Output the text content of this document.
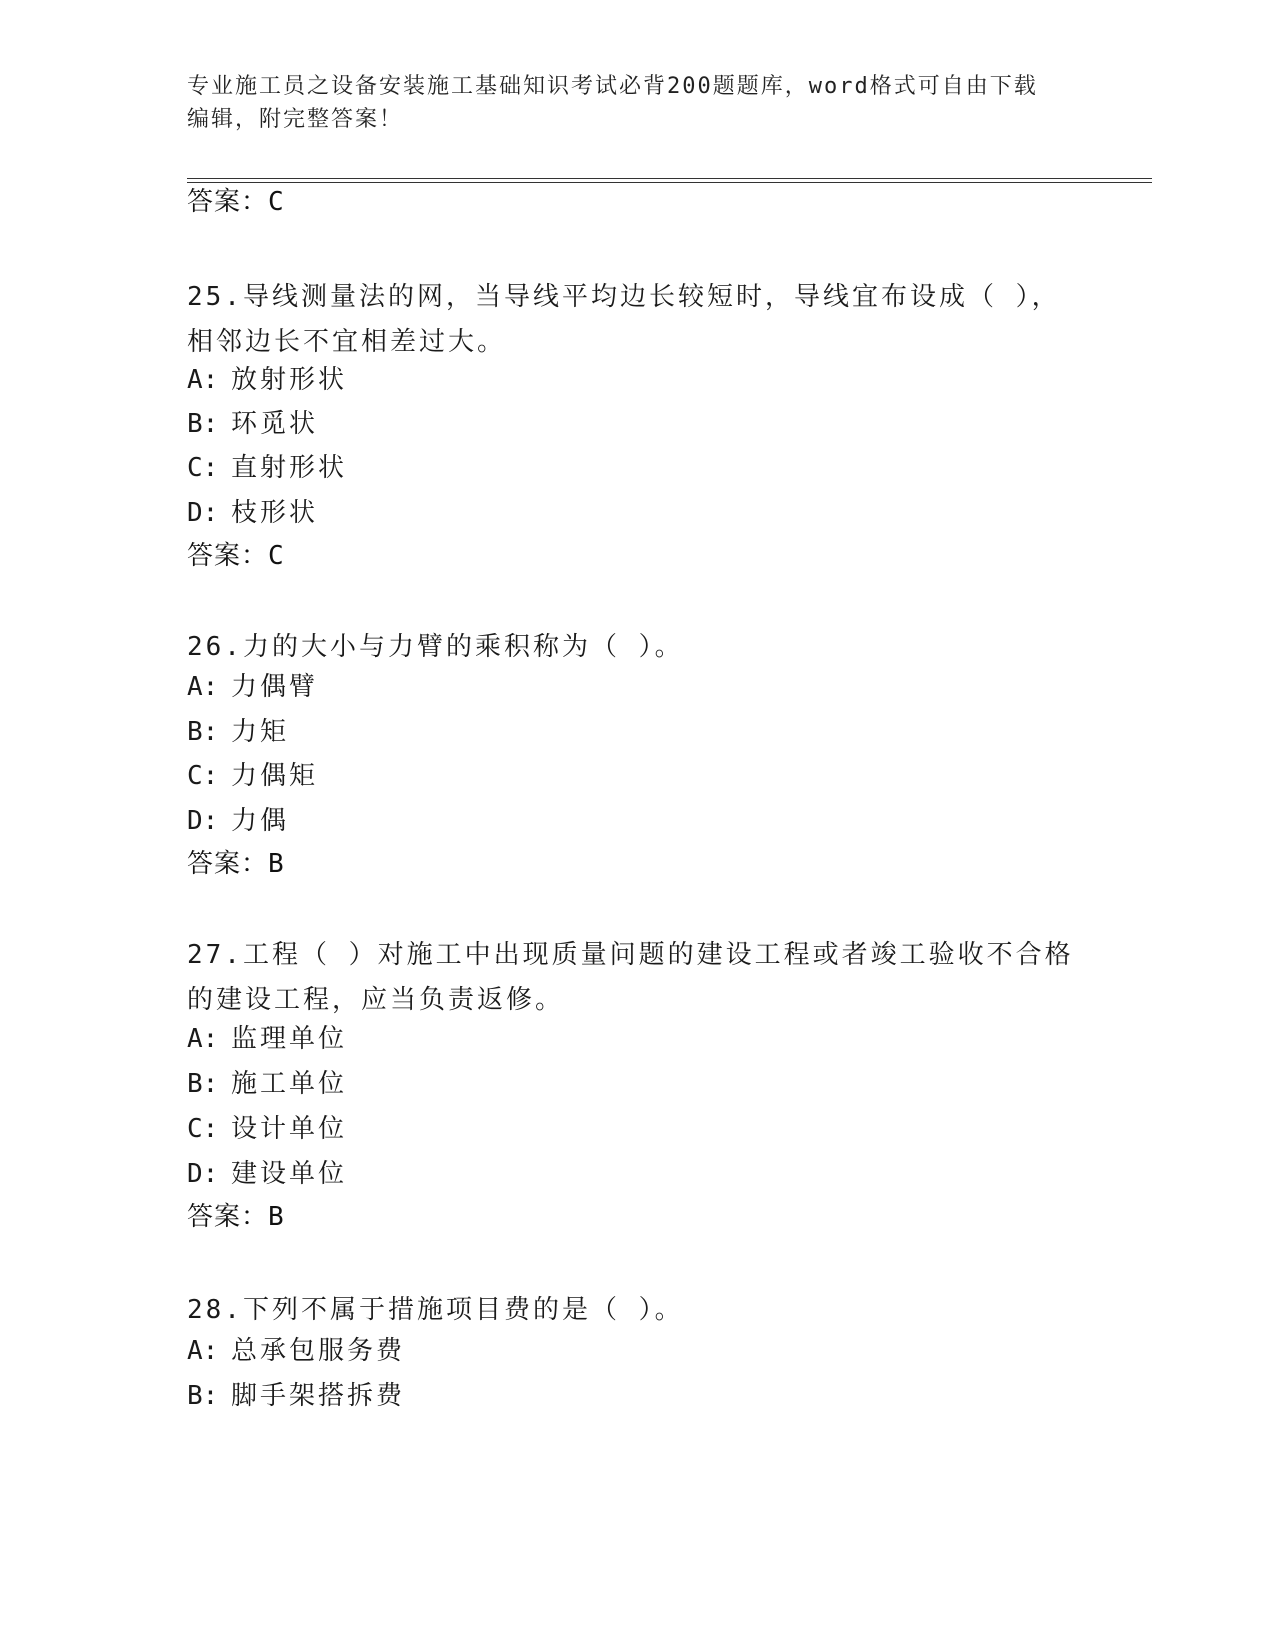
专业施工员之设备安装施工基础知识考试必背200题题库，word格式可自由下载
编辑，附完整答案！
答案：C
25.导线测量法的网，当导线平均边长较短时，导线宜布设成（ ），
相邻边长不宜相差过大。
A: 放射形状
B: 环觅状
C: 直射形状
D: 枝形状
答案：C
26.力的大小与力臂的乘积称为（ ）。
A: 力偶臂
B: 力矩
C: 力偶矩
D: 力偶
答案：B
27.工程（ ）对施工中出现质量问题的建设工程或者竣工验收不合格
的建设工程，应当负责返修。
A: 监理单位
B: 施工单位
C: 设计单位
D: 建设单位
答案：B
28.下列不属于措施项目费的是（ ）。
A: 总承包服务费
B: 脚手架搭拆费
